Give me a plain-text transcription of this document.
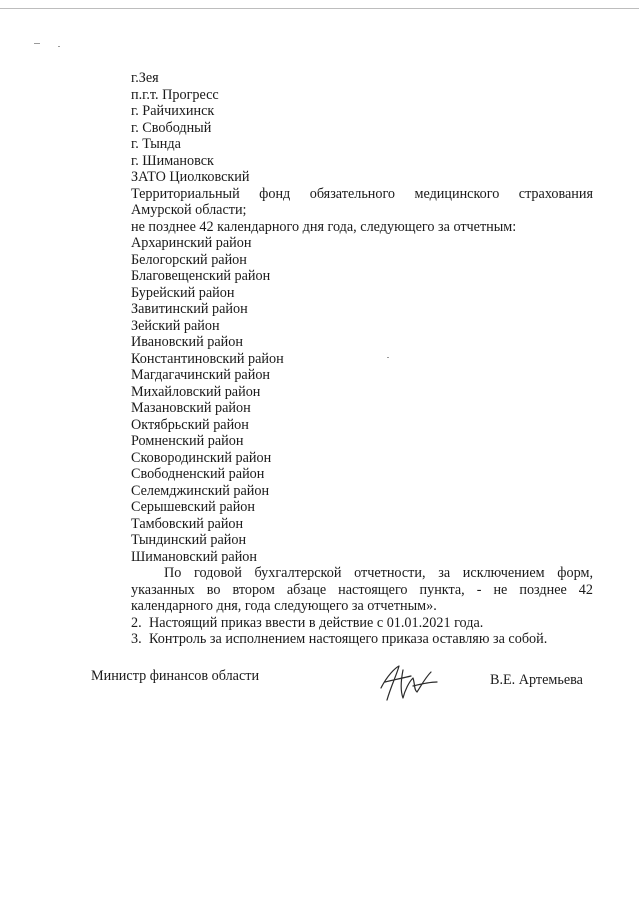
г.Зея
п.г.т. Прогресс
г. Райчихинск
г. Свободный
г. Тында
г. Шимановск
ЗАТО Циолковский
Территориальный фонд обязательного медицинского страхования
Амурской области;
не позднее 42 календарного дня года, следующего за отчетным:
Архаринский район
Белогорский район
Благовещенский район
Бурейский район
Завитинский район
Зейский район
Ивановский район
Константиновский район
Магдагачинский район
Михайловский район
Мазановский район
Октябрьский район
Ромненский район
Сковородинский район
Свободненский район
Селемджинский район
Серышевский район
Тамбовский район
Тындинский район
Шимановский район
По годовой бухгалтерской отчетности, за исключением форм,
указанных во втором абзаце настоящего пункта, - не позднее 42
календарного дня, года следующего за отчетным».
2. Настоящий приказ ввести в действие с 01.01.2021 года.
3. Контроль за исполнением настоящего приказа оставляю за собой.
Министр финансов области	В.Е. Артемьева
